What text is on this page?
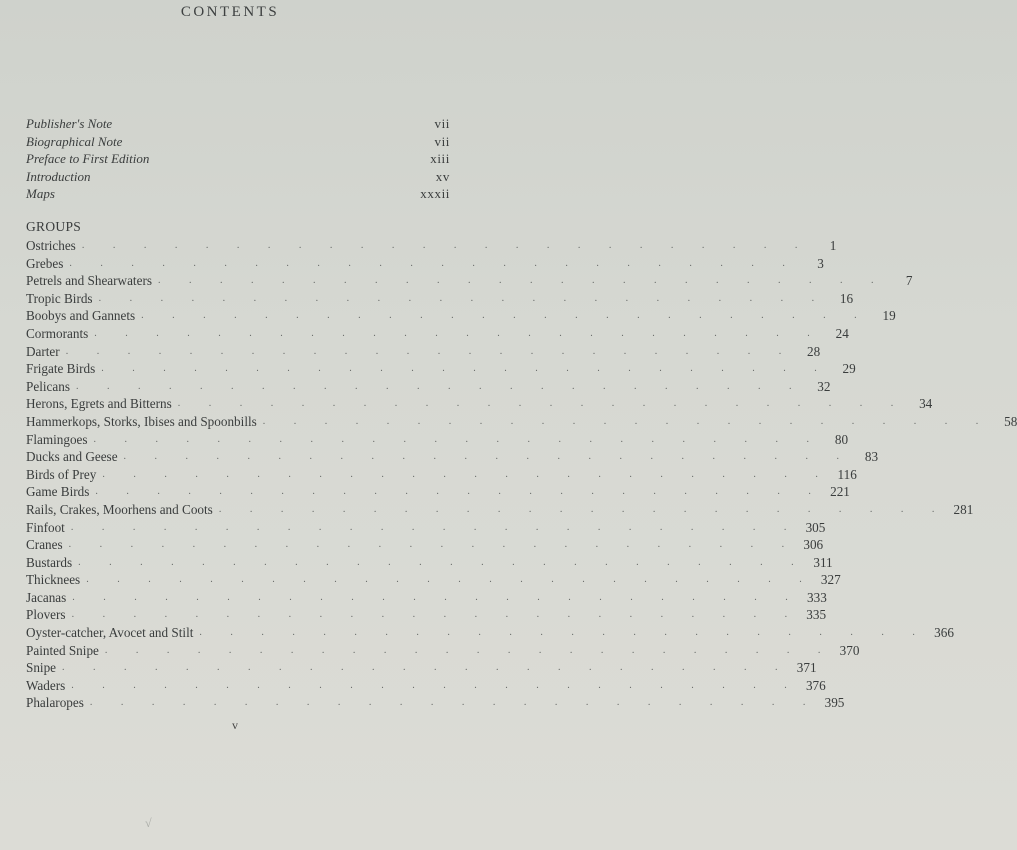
CONTENTS
Publisher's Note	vii
Biographical Note	vii
Preface to First Edition	xiii
Introduction	xv
Maps	xxxii
GROUPS
Ostriches . . . . . . . . . . . . . . . . . . . . . . . .	1
Grebes . . . . . . . . . . . . . . . . . . . . . . . .	3
Petrels and Shearwaters . . . . . . . . . . . . . . . . . . . . . . . .	7
Tropic Birds . . . . . . . . . . . . . . . . . . . . . . . . 16
Boobys and Gannets . . . . . . . . . . . . . . . . . . . . . . . . 19
Cormorants . . . . . . . . . . . . . . . . . . . . . . . . 24
Darter . . . . . . . . . . . . . . . . . . . . . . . . 28
Frigate Birds . . . . . . . . . . . . . . . . . . . . . . . . 29
Pelicans . . . . . . . . . . . . . . . . . . . . . . . . 32
Herons, Egrets and Bitterns . . . . . . . . . . . . . . . . . . . . . . . . 34
Hammerkops, Storks, Ibises and Spoonbills . . . . . . . . . . . . . . . . . . . . . . . . 58
Flamingoes . . . . . . . . . . . . . . . . . . . . . . . . 80
Ducks and Geese . . . . . . . . . . . . . . . . . . . . . . . . 83
Birds of Prey . . . . . . . . . . . . . . . . . . . . . . . . 116
Game Birds . . . . . . . . . . . . . . . . . . . . . . . . 221
Rails, Crakes, Moorhens and Coots . . . . . . . . . . . . . . . . . . . . . . . . 281
Finfoot . . . . . . . . . . . . . . . . . . . . . . . . 305
Cranes . . . . . . . . . . . . . . . . . . . . . . . . 306
Bustards . . . . . . . . . . . . . . . . . . . . . . . . 311
Thicknees . . . . . . . . . . . . . . . . . . . . . . . . 327
Jacanas . . . . . . . . . . . . . . . . . . . . . . . . 333
Plovers . . . . . . . . . . . . . . . . . . . . . . . . 335
Oyster-catcher, Avocet and Stilt . . . . . . . . . . . . . . . . . . . . . . . . 366
Painted Snipe . . . . . . . . . . . . . . . . . . . . . . . . 370
Snipe . . . . . . . . . . . . . . . . . . . . . . . . 371
Waders . . . . . . . . . . . . . . . . . . . . . . . . 376
Phalaropes . . . . . . . . . . . . . . . . . . . . . . . . 395
v
√
